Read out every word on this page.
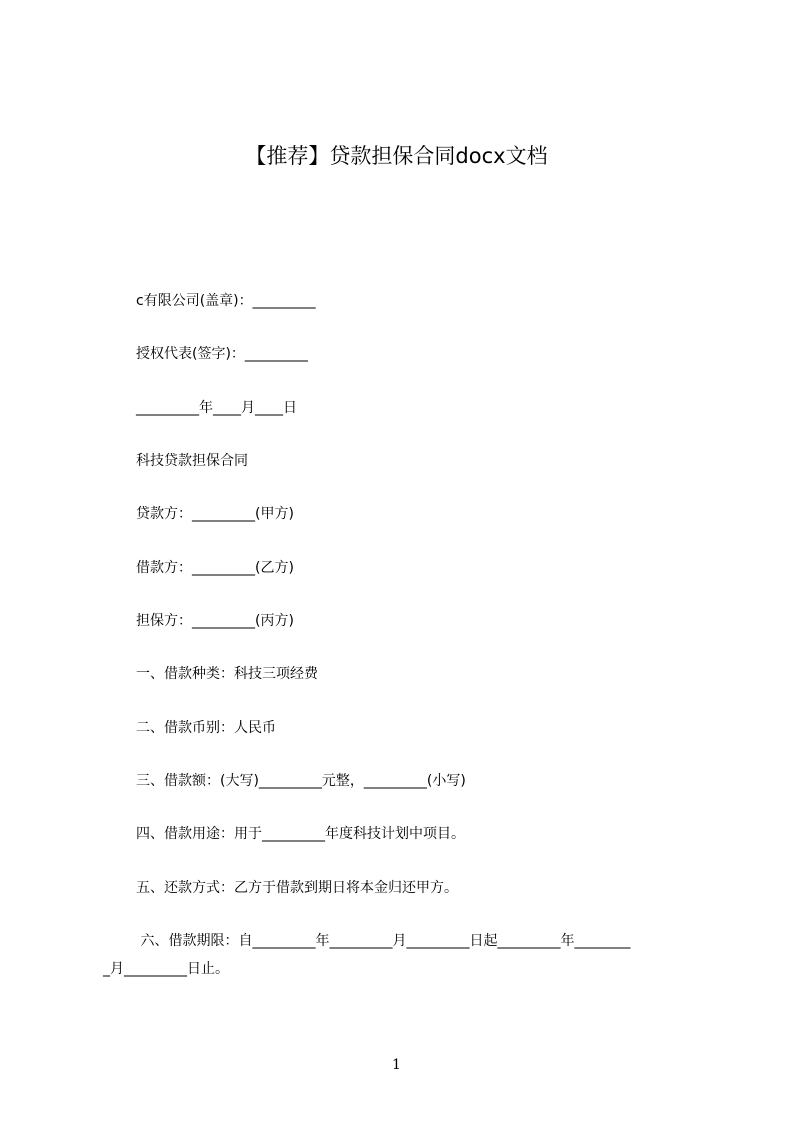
【推荐】贷款担保合同docx文档
c有限公司(盖章)：_________
授权代表(签字)：_________
_________年____月____日
科技贷款担保合同
贷款方：_________(甲方)
借款方：_________(乙方)
担保方：_________(丙方)
一、借款种类：科技三项经费
二、借款币别：人民币
三、借款额：(大写)_________元整，_________(小写)
四、借款用途：用于_________年度科技计划中项目。
五、还款方式：乙方于借款到期日将本金归还甲方。
六、借款期限：自_________年_________月_________日起_________年________
_月_________日止。
1
